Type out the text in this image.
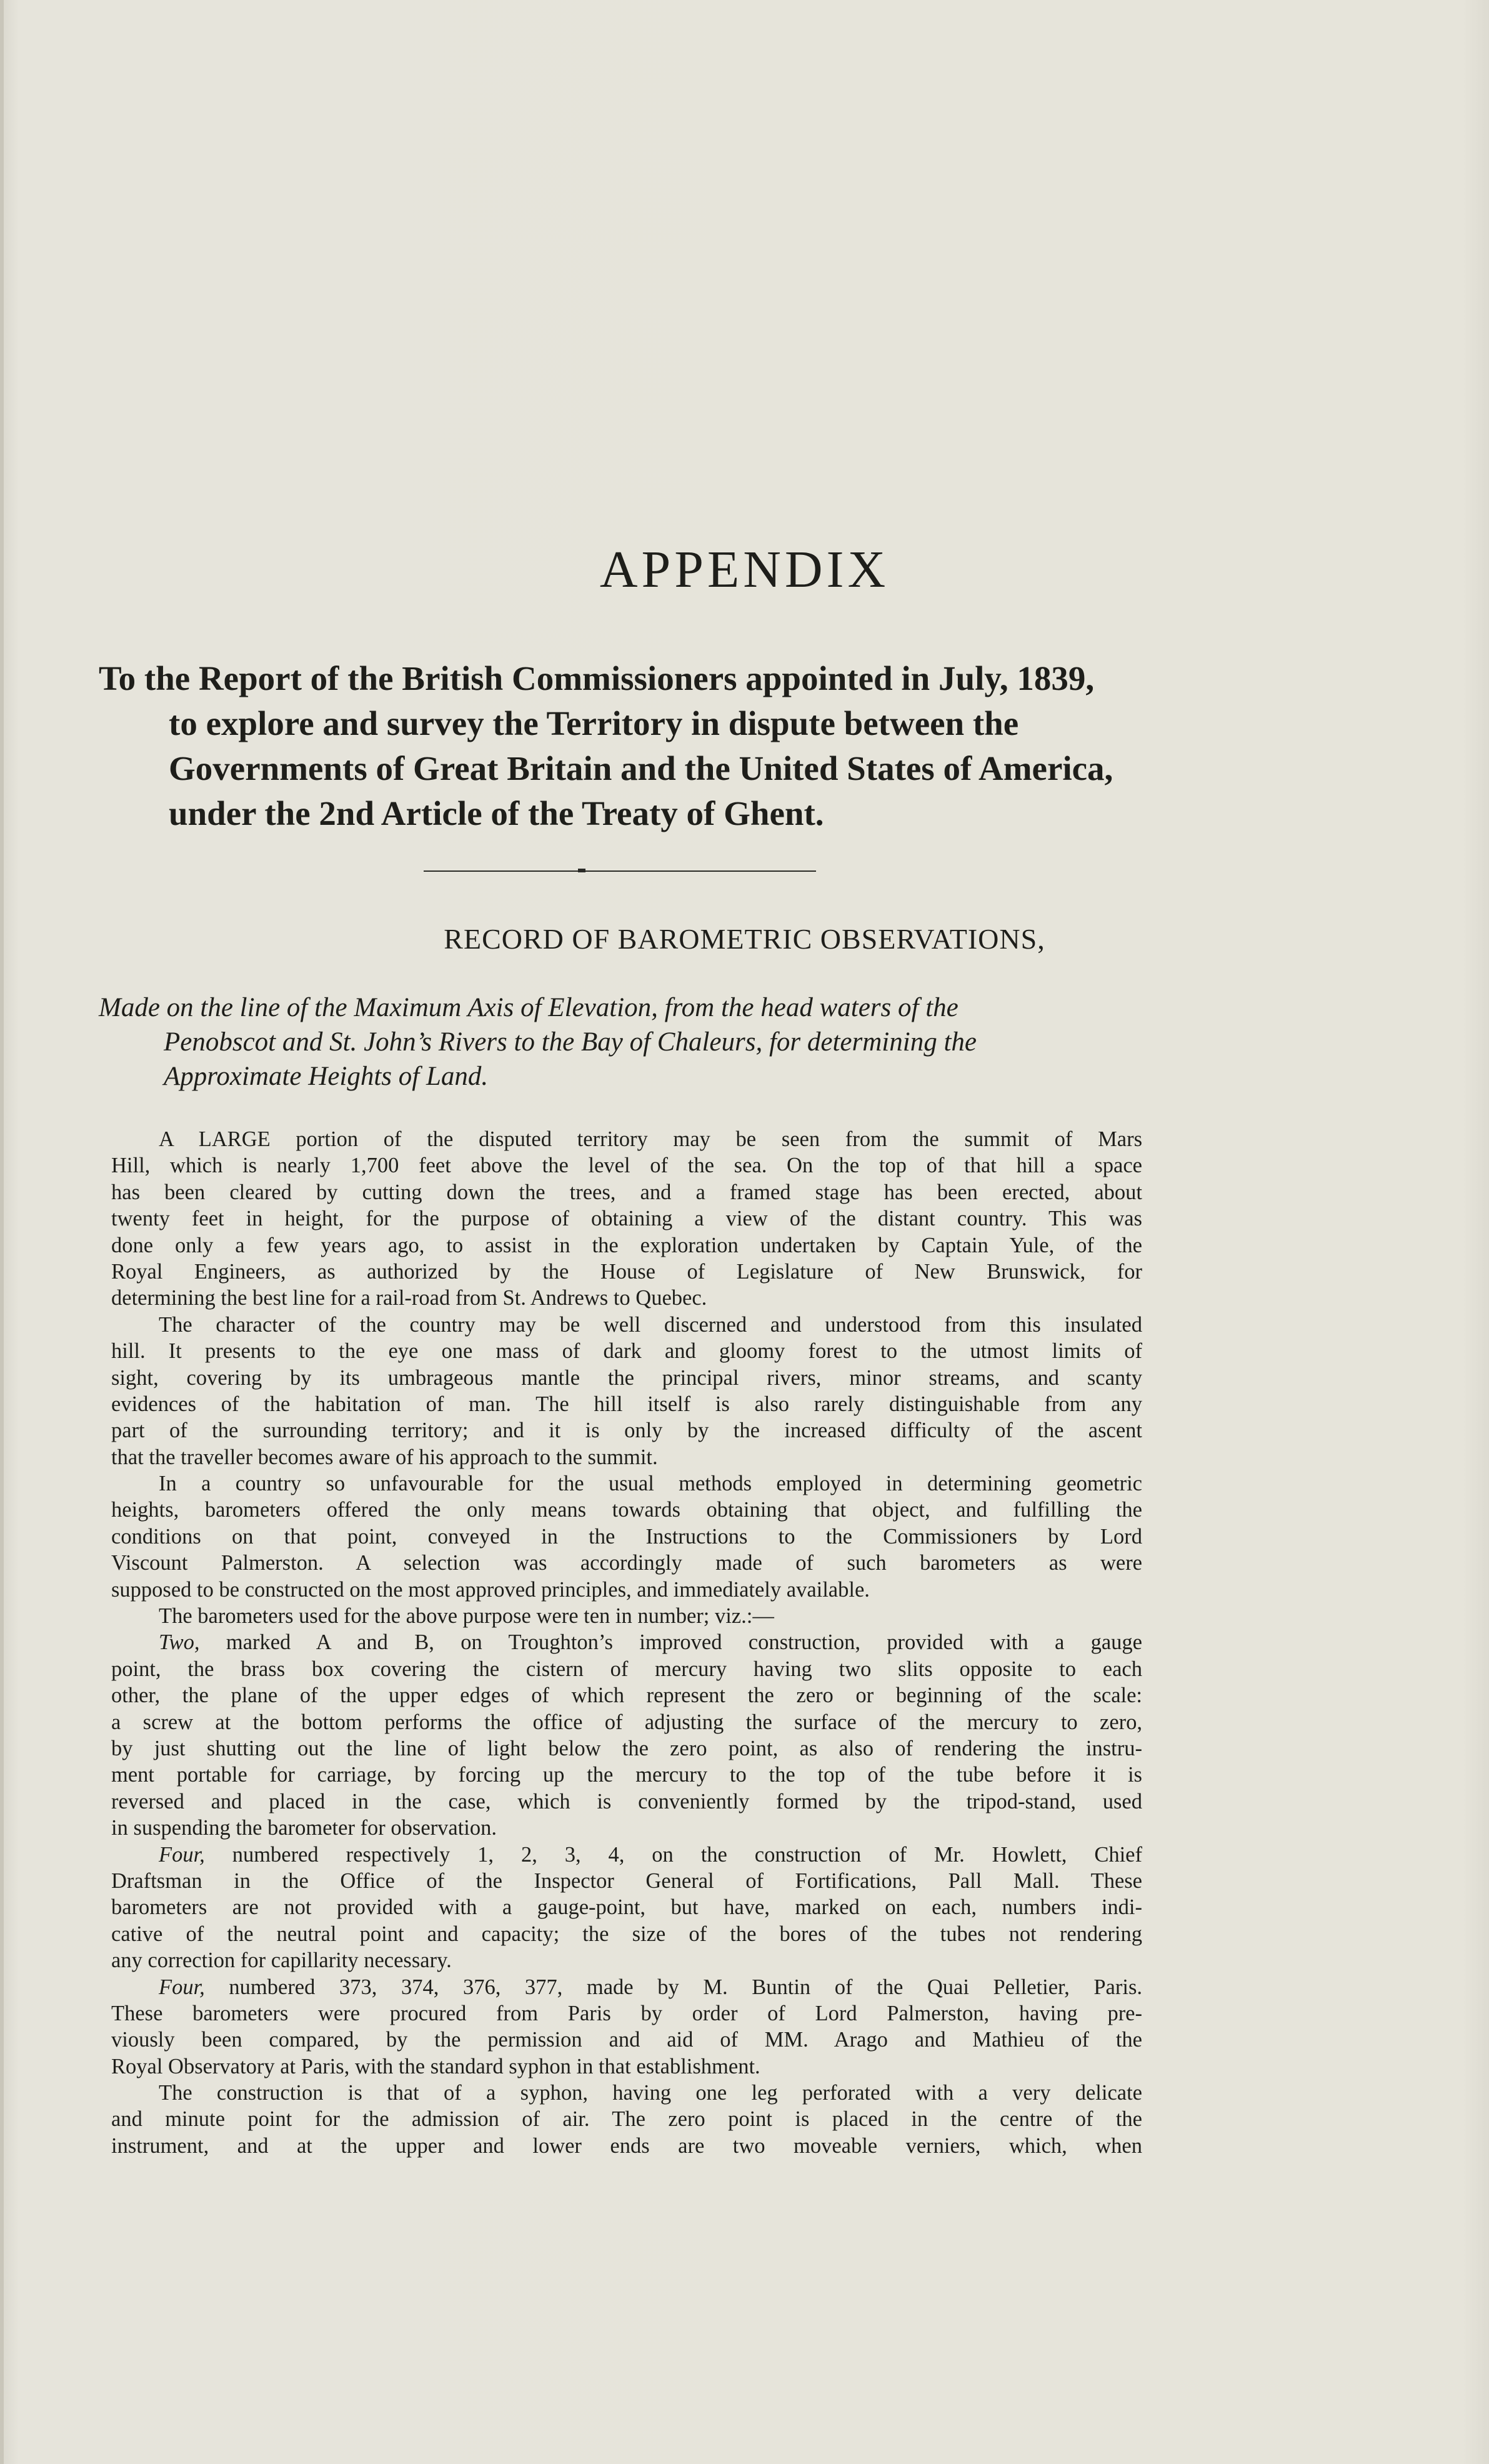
APPENDIX
To the Report of the British Commissioners appointed in July, 1839,
to explore and survey the Territory in dispute between the
Governments of Great Britain and the United States of America,
under the 2nd Article of the Treaty of Ghent.
RECORD OF BAROMETRIC OBSERVATIONS,

Made on the line of the Maximum Axis of Elevation, from the head waters of the
Penobscot and St. John’s Rivers to the Bay of Chaleurs, for determining the
Approximate Heights of Land.

A LARGE portion of the disputed territory may be seen from the summit of Mars
Hill, which is nearly 1,700 feet above the level of the sea. On the top of that hill a space
has been cleared by cutting down the trees, and a framed stage has been erected, about
twenty feet in height, for the purpose of obtaining a view of the distant country. This was
done only a few years ago, to assist in the exploration undertaken by Captain Yule, of the
Royal Engineers, as authorized by the House of Legislature of New Brunswick, for
determining the best line for a rail-road from St. Andrews to Quebec.
The character of the country may be well discerned and understood from this insulated
hill. It presents to the eye one mass of dark and gloomy forest to the utmost limits of
sight, covering by its umbrageous mantle the principal rivers, minor streams, and scanty
evidences of the habitation of man. The hill itself is also rarely distinguishable from any
part of the surrounding territory; and it is only by the increased difficulty of the ascent
that the traveller becomes aware of his approach to the summit.
In a country so unfavourable for the usual methods employed in determining geometric
heights, barometers offered the only means towards obtaining that object, and fulfilling the
conditions on that point, conveyed in the Instructions to the Commissioners by Lord
Viscount Palmerston. A selection was accordingly made of such barometers as were
supposed to be constructed on the most approved principles, and immediately available.
The barometers used for the above purpose were ten in number; viz.:—
Two, marked A and B, on Troughton’s improved construction, provided with a gauge
point, the brass box covering the cistern of mercury having two slits opposite to each
other, the plane of the upper edges of which represent the zero or beginning of the scale:
a screw at the bottom performs the office of adjusting the surface of the mercury to zero,
by just shutting out the line of light below the zero point, as also of rendering the instru-
ment portable for carriage, by forcing up the mercury to the top of the tube before it is
reversed and placed in the case, which is conveniently formed by the tripod-stand, used
in suspending the barometer for observation.
Four, numbered respectively 1, 2, 3, 4, on the construction of Mr. Howlett, Chief
Draftsman in the Office of the Inspector General of Fortifications, Pall Mall. These
barometers are not provided with a gauge-point, but have, marked on each, numbers indi-
cative of the neutral point and capacity; the size of the bores of the tubes not rendering
any correction for capillarity necessary.
Four, numbered 373, 374, 376, 377, made by M. Buntin of the Quai Pelletier, Paris.
These barometers were procured from Paris by order of Lord Palmerston, having pre-
viously been compared, by the permission and aid of MM. Arago and Mathieu of the
Royal Observatory at Paris, with the standard syphon in that establishment.
The construction is that of a syphon, having one leg perforated with a very delicate
and minute point for the admission of air. The zero point is placed in the centre of the
instrument, and at the upper and lower ends are two moveable verniers, which, when
